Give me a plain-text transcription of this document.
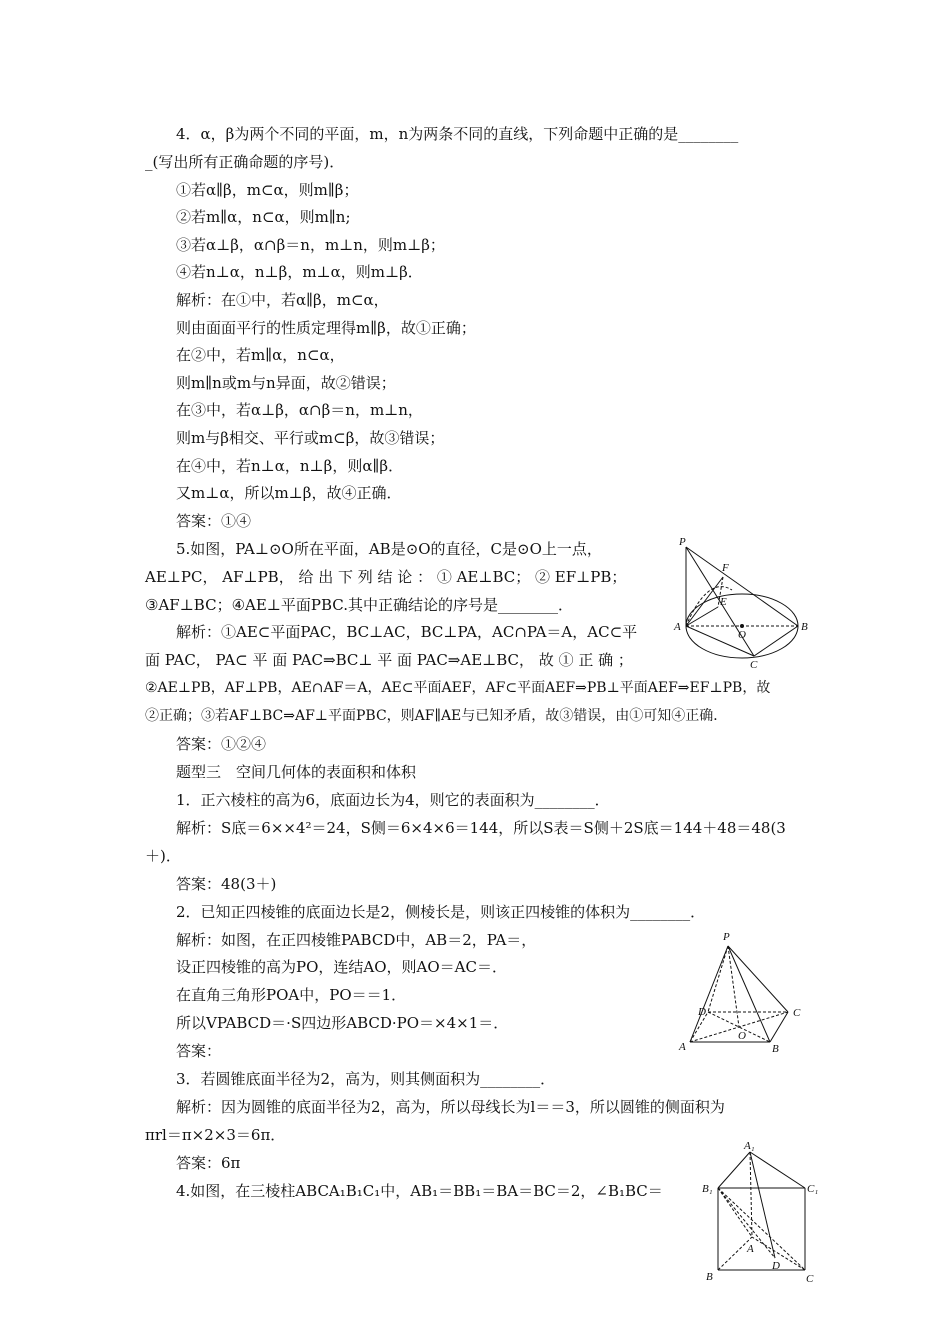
4．α，β为两个不同的平面，m，n为两条不同的直线，下列命题中正确的是________
_(写出所有正确命题的序号)．
①若α∥β，m⊂α，则m∥β；
②若m∥α，n⊂α，则m∥n;
③若α⊥β，α∩β＝n，m⊥n，则m⊥β；
④若n⊥α，n⊥β，m⊥α，则m⊥β．
解析：在①中，若α∥β，m⊂α，
则由面面平行的性质定理得m∥β，故①正确；
在②中，若m∥α，n⊂α，
则m∥n或m与n异面，故②错误；
在③中，若α⊥β，α∩β＝n，m⊥n，
则m与β相交、平行或m⊂β，故③错误；
在④中，若n⊥α，n⊥β，则α∥β．
又m⊥α，所以m⊥β，故④正确．
答案：①④
5.如图，PA⊥⊙O所在平面，AB是⊙O的直径，C是⊙O上一点，
AE⊥PC， AF⊥PB， 给 出 下 列 结 论 ： ① AE⊥BC； ② EF⊥PB；
③AF⊥BC；④AE⊥平面PBC.其中正确结论的序号是________．
解析：①AE⊂平面PAC，BC⊥AC，BC⊥PA，AC∩PA＝A，AC⊂平
面 PAC， PA⊂ 平 面 PAC⇒BC⊥ 平 面 PAC⇒AE⊥BC， 故 ① 正 确 ；
②AE⊥PB，AF⊥PB，AE∩AF＝A，AE⊂平面AEF，AF⊂平面AEF⇒PB⊥平面AEF⇒EF⊥PB，故
②正确；③若AF⊥BC⇒AF⊥平面PBC，则AF∥AE与已知矛盾，故③错误，由①可知④正确．
答案：①②④
题型三　空间几何体的表面积和体积
1．正六棱柱的高为6，底面边长为4，则它的表面积为________．
解析：S底＝6××4²＝24，S侧＝6×4×6＝144，所以S表＝S侧＋2S底＝144＋48＝48(3
＋)．
答案：48(3＋)
2．已知正四棱锥的底面边长是2，侧棱长是，则该正四棱锥的体积为________．
解析：如图，在正四棱锥PABCD中，AB＝2，PA＝，
设正四棱锥的高为PO，连结AO，则AO＝AC＝．
在直角三角形POA中，PO＝＝1．
所以VPABCD＝·S四边形ABCD·PO＝×4×1＝．
答案：
3．若圆锥底面半径为2，高为，则其侧面积为________．
解析：因为圆锥的底面半径为2，高为，所以母线长为l＝＝3，所以圆锥的侧面积为
πrl＝π×2×3＝6π．
答案：6π
4.如图，在三棱柱ABCA₁B₁C₁中，AB₁＝BB₁＝BA＝BC＝2，∠B₁BC＝
P
F
E
A
O
B
C
P
D	C
O
A	B
A₁
B₁	C₁
A
D
B	C
